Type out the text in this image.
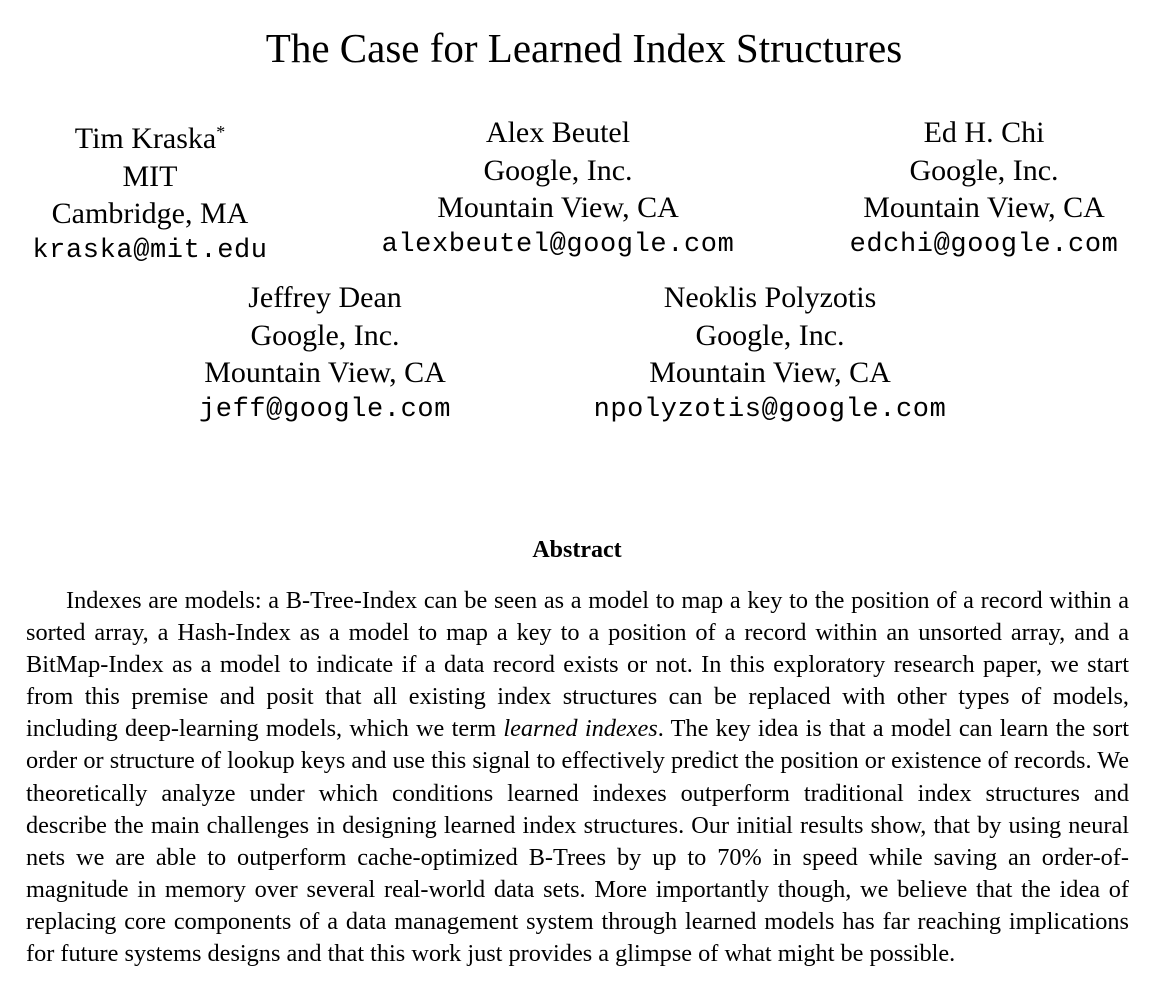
The Case for Learned Index Structures
Tim Kraska*
MIT
Cambridge, MA
kraska@mit.edu
Alex Beutel
Google, Inc.
Mountain View, CA
alexbeutel@google.com
Ed H. Chi
Google, Inc.
Mountain View, CA
edchi@google.com
Jeffrey Dean
Google, Inc.
Mountain View, CA
jeff@google.com
Neoklis Polyzotis
Google, Inc.
Mountain View, CA
npolyzotis@google.com
Abstract

Indexes are models: a B-Tree-Index can be seen as a model to map a key to the position of a record within a sorted array, a Hash-Index as a model to map a key to a position of a record within an unsorted array, and a BitMap-Index as a model to indicate if a data record exists or not. In this exploratory research paper, we start from this premise and posit that all existing index structures can be replaced with other types of models, including deep-learning models, which we term learned indexes. The key idea is that a model can learn the sort order or structure of lookup keys and use this signal to effectively predict the position or existence of records. We theoretically analyze under which conditions learned indexes outperform traditional index structures and describe the main challenges in designing learned index structures. Our initial results show, that by using neural nets we are able to outperform cache-optimized B-Trees by up to 70% in speed while saving an order-of-magnitude in memory over several real-world data sets. More importantly though, we believe that the idea of replacing core components of a data management system through learned models has far reaching implications for future systems designs and that this work just provides a glimpse of what might be possible.
